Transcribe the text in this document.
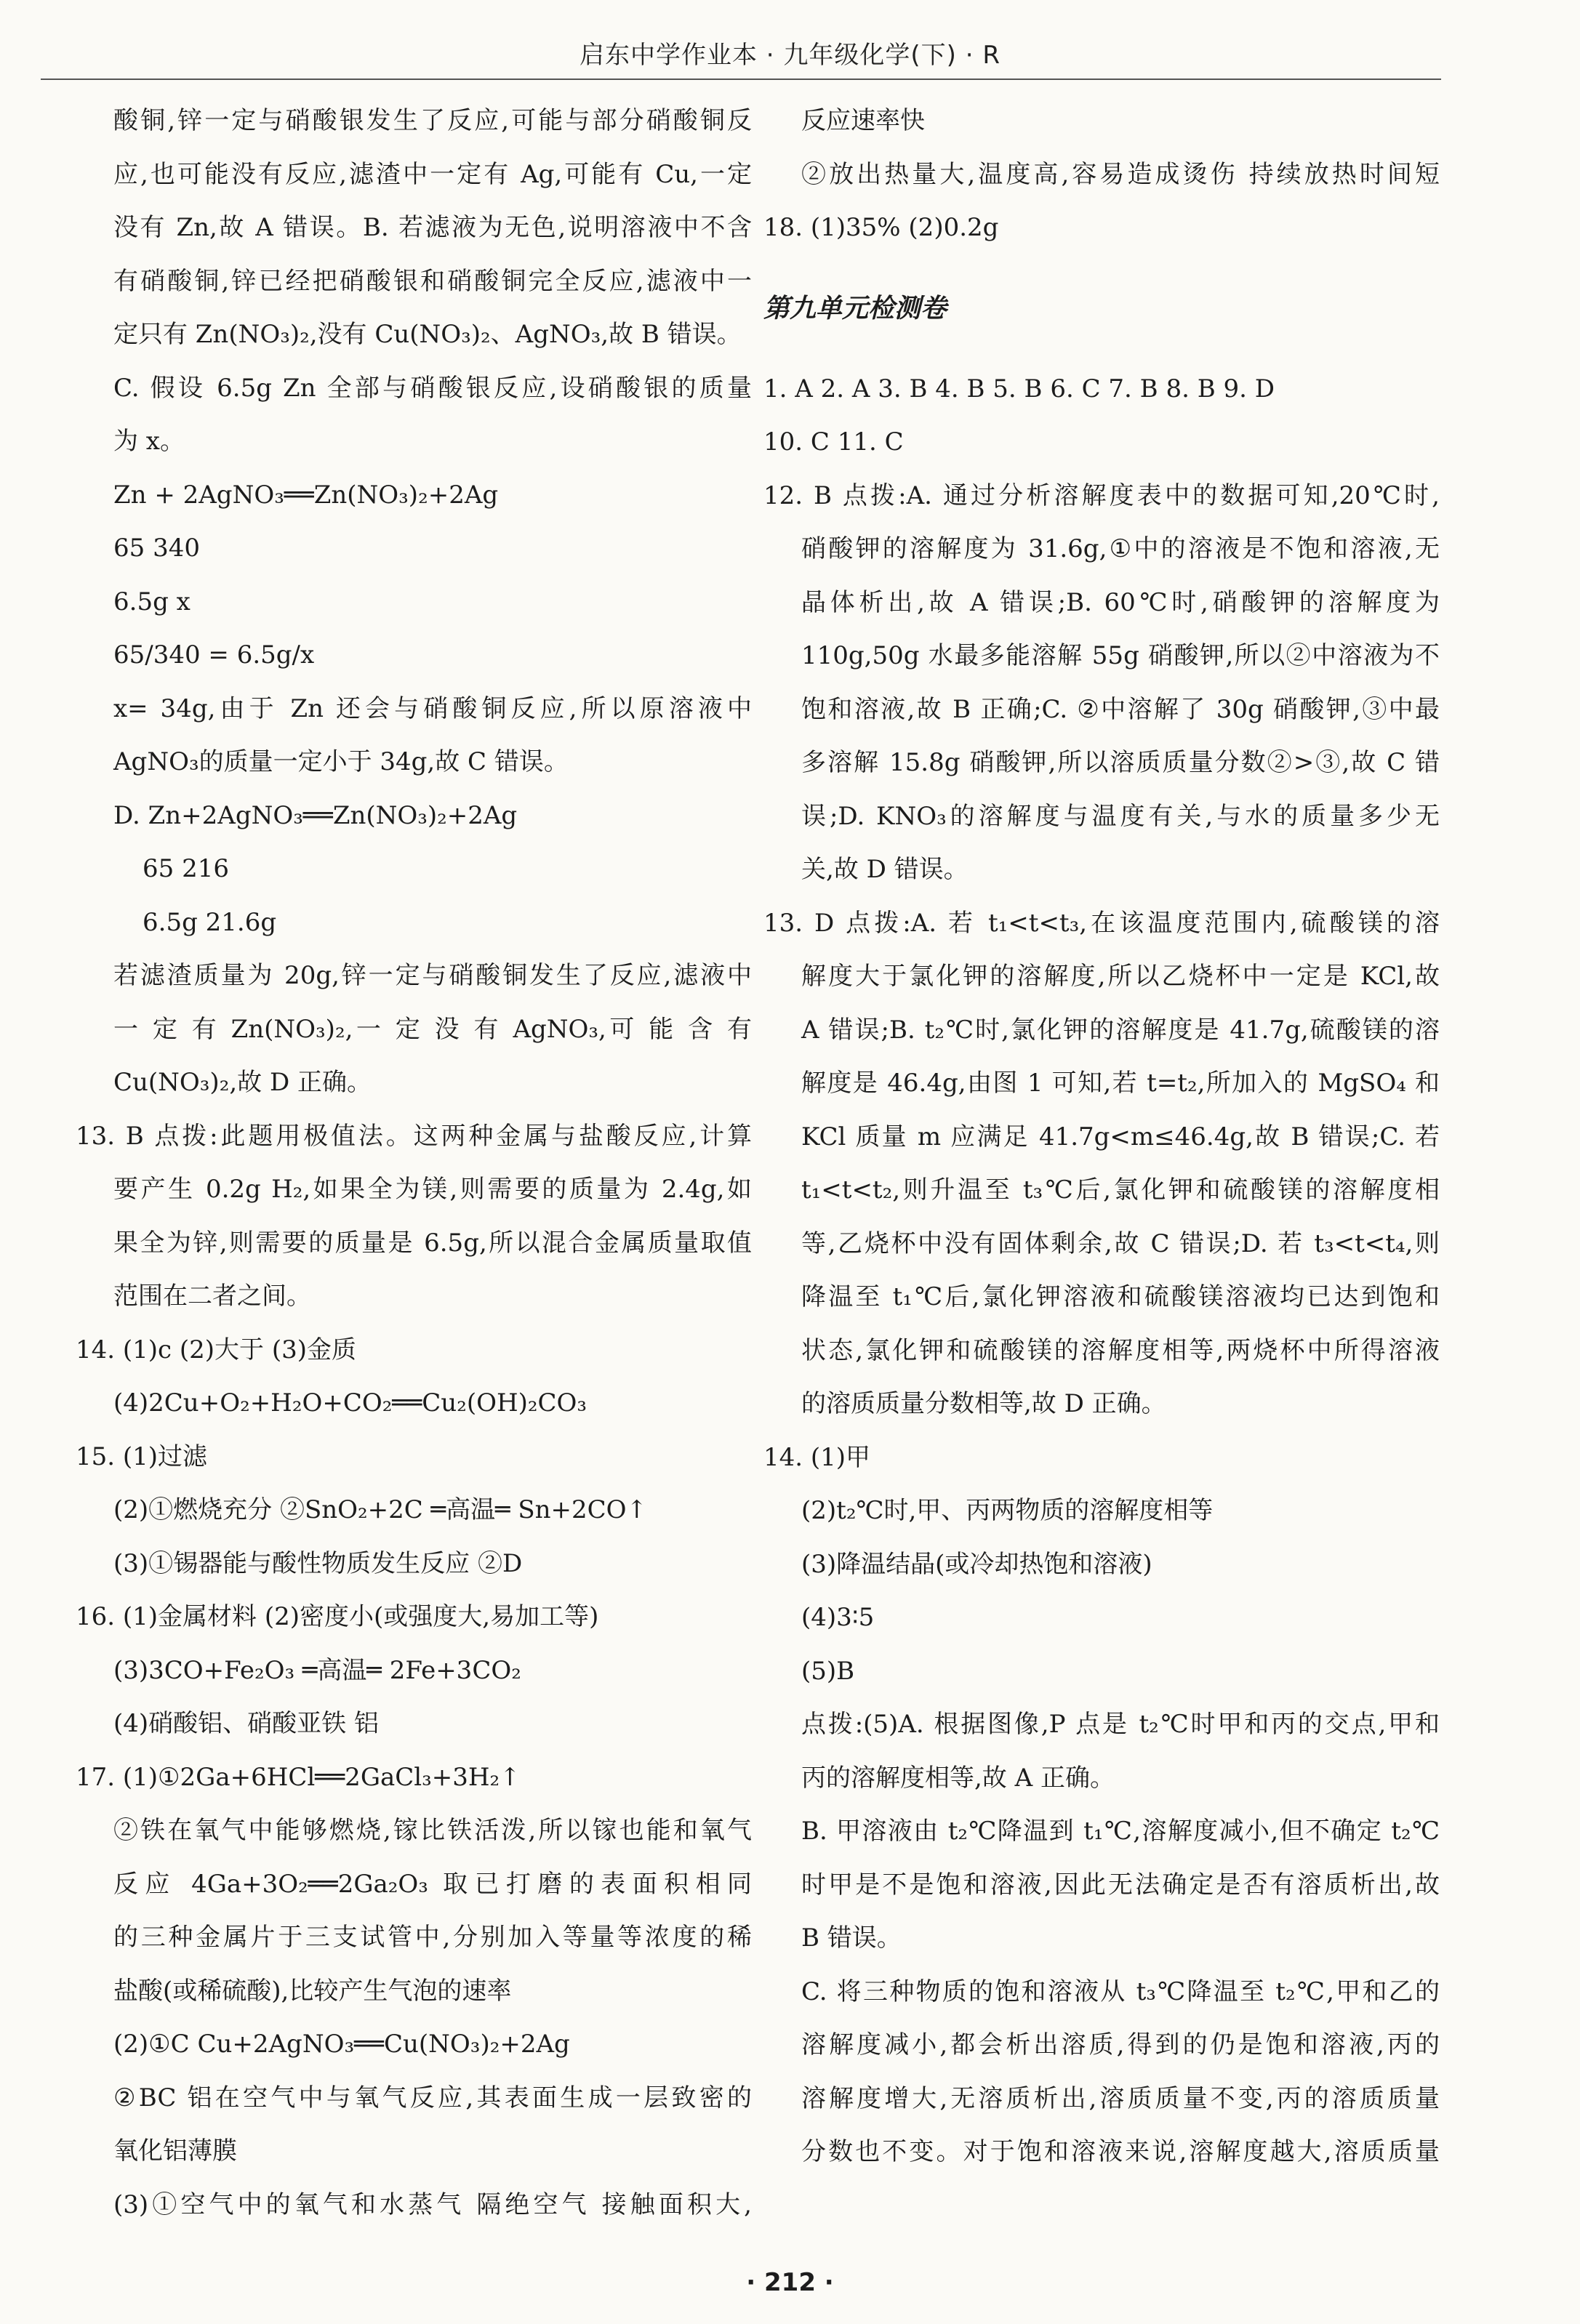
启东中学作业本 · 九年级化学(下) · R
酸铜,锌一定与硝酸银发生了反应,可能与部分硝酸铜反
应,也可能没有反应,滤渣中一定有 Ag,可能有 Cu,一定
没有 Zn,故 A 错误。B. 若滤液为无色,说明溶液中不含
有硝酸铜,锌已经把硝酸银和硝酸铜完全反应,滤液中一
定只有 Zn(NO₃)₂,没有 Cu(NO₃)₂、AgNO₃,故 B 错误。
C. 假设 6.5g Zn 全部与硝酸银反应,设硝酸银的质量
为 x。
Zn + 2AgNO₃══Zn(NO₃)₂+2Ag
65 340
6.5g x
65/340 = 6.5g/x
x= 34g,由于 Zn 还会与硝酸铜反应,所以原溶液中
AgNO₃的质量一定小于 34g,故 C 错误。
D. Zn+2AgNO₃══Zn(NO₃)₂+2Ag
65 216
6.5g 21.6g
若滤渣质量为 20g,锌一定与硝酸铜发生了反应,滤液中
一 定 有 Zn(NO₃)₂,一 定 没 有 AgNO₃,可 能 含 有
Cu(NO₃)₂,故 D 正确。
13. B 点拨:此题用极值法。这两种金属与盐酸反应,计算
要产生 0.2g H₂,如果全为镁,则需要的质量为 2.4g,如
果全为锌,则需要的质量是 6.5g,所以混合金属质量取值
范围在二者之间。
14. (1)c (2)大于 (3)金质
(4)2Cu+O₂+H₂O+CO₂══Cu₂(OH)₂CO₃
15. (1)过滤
(2)①燃烧充分 ②SnO₂+2C ═高温═ Sn+2CO↑
(3)①锡器能与酸性物质发生反应 ②D
16. (1)金属材料 (2)密度小(或强度大,易加工等)
(3)3CO+Fe₂O₃ ═高温═ 2Fe+3CO₂
(4)硝酸铝、硝酸亚铁 铝
17. (1)①2Ga+6HCl══2GaCl₃+3H₂↑
②铁在氧气中能够燃烧,镓比铁活泼,所以镓也能和氧气
反应 4Ga+3O₂══2Ga₂O₃ 取已打磨的表面积相同
的三种金属片于三支试管中,分别加入等量等浓度的稀
盐酸(或稀硫酸),比较产生气泡的速率
(2)①C Cu+2AgNO₃══Cu(NO₃)₂+2Ag
②BC 铝在空气中与氧气反应,其表面生成一层致密的
氧化铝薄膜
(3)①空气中的氧气和水蒸气 隔绝空气 接触面积大,
反应速率快
②放出热量大,温度高,容易造成烫伤 持续放热时间短
18. (1)35% (2)0.2g
第九单元检测卷
1. A 2. A 3. B 4. B 5. B 6. C 7. B 8. B 9. D
10. C 11. C
12. B 点拨:A. 通过分析溶解度表中的数据可知,20℃时,
硝酸钾的溶解度为 31.6g,①中的溶液是不饱和溶液,无
晶体析出,故 A 错误;B. 60℃时,硝酸钾的溶解度为
110g,50g 水最多能溶解 55g 硝酸钾,所以②中溶液为不
饱和溶液,故 B 正确;C. ②中溶解了 30g 硝酸钾,③中最
多溶解 15.8g 硝酸钾,所以溶质质量分数②>③,故 C 错
误;D. KNO₃的溶解度与温度有关,与水的质量多少无
关,故 D 错误。
13. D 点拨:A. 若 t₁<t<t₃,在该温度范围内,硫酸镁的溶
解度大于氯化钾的溶解度,所以乙烧杯中一定是 KCl,故
A 错误;B. t₂℃时,氯化钾的溶解度是 41.7g,硫酸镁的溶
解度是 46.4g,由图 1 可知,若 t=t₂,所加入的 MgSO₄ 和
KCl 质量 m 应满足 41.7g<m≤46.4g,故 B 错误;C. 若
t₁<t<t₂,则升温至 t₃℃后,氯化钾和硫酸镁的溶解度相
等,乙烧杯中没有固体剩余,故 C 错误;D. 若 t₃<t<t₄,则
降温至 t₁℃后,氯化钾溶液和硫酸镁溶液均已达到饱和
状态,氯化钾和硫酸镁的溶解度相等,两烧杯中所得溶液
的溶质质量分数相等,故 D 正确。
14. (1)甲
(2)t₂℃时,甲、丙两物质的溶解度相等
(3)降温结晶(或冷却热饱和溶液)
(4)3∶5
(5)B
点拨:(5)A. 根据图像,P 点是 t₂℃时甲和丙的交点,甲和
丙的溶解度相等,故 A 正确。
B. 甲溶液由 t₂℃降温到 t₁℃,溶解度减小,但不确定 t₂℃
时甲是不是饱和溶液,因此无法确定是否有溶质析出,故
B 错误。
C. 将三种物质的饱和溶液从 t₃℃降温至 t₂℃,甲和乙的
溶解度减小,都会析出溶质,得到的仍是饱和溶液,丙的
溶解度增大,无溶质析出,溶质质量不变,丙的溶质质量
分数也不变。对于饱和溶液来说,溶解度越大,溶质质量
· 212 ·
